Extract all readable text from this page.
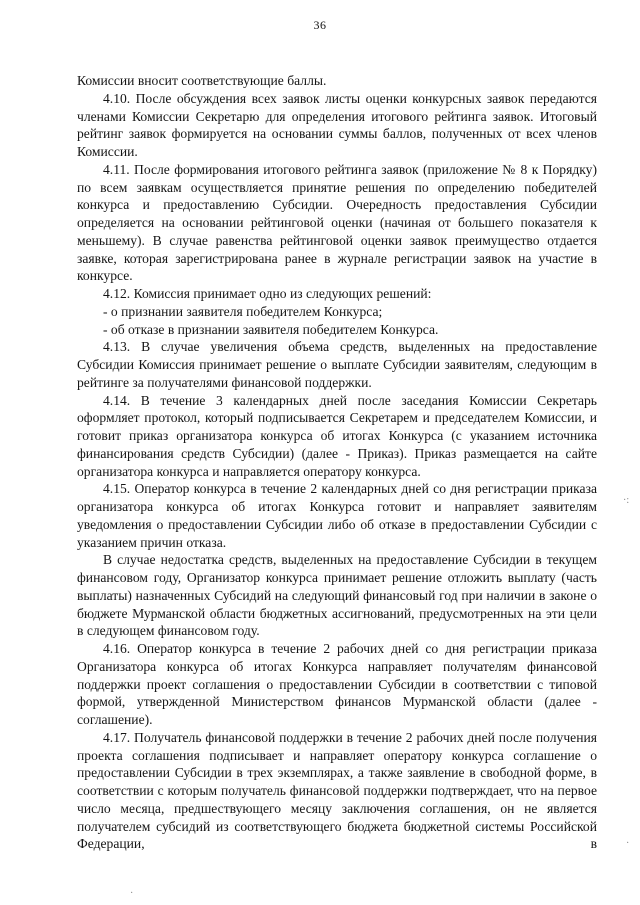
36

Комиссии вносит соответствующие баллы.

4.10. После обсуждения всех заявок листы оценки конкурсных заявок передаются членами Комиссии Секретарю для определения итогового рейтинга заявок. Итоговый рейтинг заявок формируется на основании суммы баллов, полученных от всех членов Комиссии.

4.11. После формирования итогового рейтинга заявок (приложение № 8 к Порядку) по всем заявкам осуществляется принятие решения по определению победителей конкурса и предоставлению Субсидии. Очередность предоставления Субсидии определяется на основании рейтинговой оценки (начиная от большего показателя к меньшему). В случае равенства рейтинговой оценки заявок преимущество отдается заявке, которая зарегистрирована ранее в журнале регистрации заявок на участие в конкурсе.

4.12. Комиссия принимает одно из следующих решений:

- о признании заявителя победителем Конкурса;

- об отказе в признании заявителя победителем Конкурса.

4.13. В случае увеличения объема средств, выделенных на предоставление Субсидии Комиссия принимает решение о выплате Субсидии заявителям, следующим в рейтинге за получателями финансовой поддержки.

4.14. В течение 3 календарных дней после заседания Комиссии Секретарь оформляет протокол, который подписывается Секретарем и председателем Комиссии, и готовит приказ организатора конкурса об итогах Конкурса (с указанием источника финансирования средств Субсидии) (далее - Приказ). Приказ размещается на сайте организатора конкурса и направляется оператору конкурса.

4.15. Оператор конкурса в течение 2 календарных дней со дня регистрации приказа организатора конкурса об итогах Конкурса готовит и направляет заявителям уведомления о предоставлении Субсидии либо об отказе в предоставлении Субсидии с указанием причин отказа.

В случае недостатка средств, выделенных на предоставление Субсидии в текущем финансовом году, Организатор конкурса принимает решение отложить выплату (часть выплаты) назначенных Субсидий на следующий финансовый год при наличии в законе о бюджете Мурманской области бюджетных ассигнований, предусмотренных на эти цели в следующем финансовом году.

4.16. Оператор конкурса в течение 2 рабочих дней со дня регистрации приказа Организатора конкурса об итогах Конкурса направляет получателям финансовой поддержки проект соглашения о предоставлении Субсидии в соответствии с типовой формой, утвержденной Министерством финансов Мурманской области (далее - соглашение).

4.17. Получатель финансовой поддержки в течение 2 рабочих дней после получения проекта соглашения подписывает и направляет оператору конкурса соглашение о предоставлении Субсидии в трех экземплярах, а также заявление в свободной форме, в соответствии с которым получатель финансовой поддержки подтверждает, что на первое число месяца, предшествующего месяцу заключения соглашения, он не является получателем субсидий из соответствующего бюджета бюджетной системы Российской Федерации, в

·:
·
·
